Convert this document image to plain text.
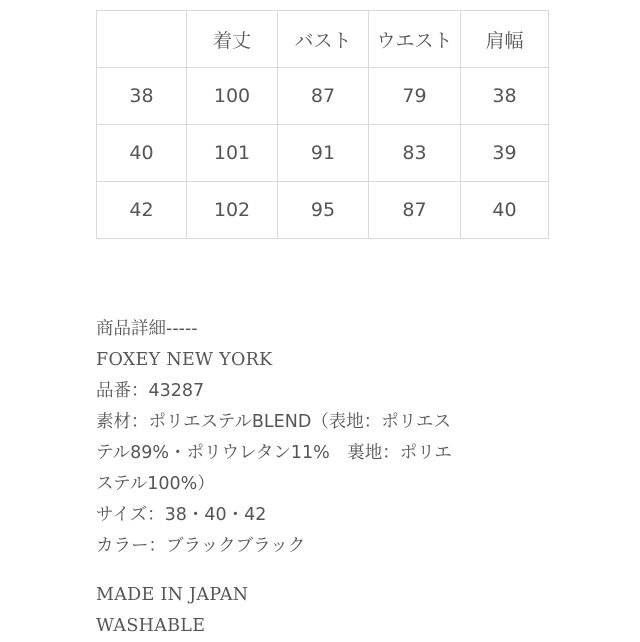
	着丈	バスト	ウエスト	肩幅
38	100	87	79	38
40	101	91	83	39
42	102	95	87	40
商品詳細-----
FOXEY NEW YORK
品番：43287
素材：ポリエステルBLEND（表地：ポリエス
テル89%・ポリウレタン11%　裏地：ポリエ
ステル100%）
サイズ：38・40・42
カラー：ブラックブラック
MADE IN JAPAN
WASHABLE
